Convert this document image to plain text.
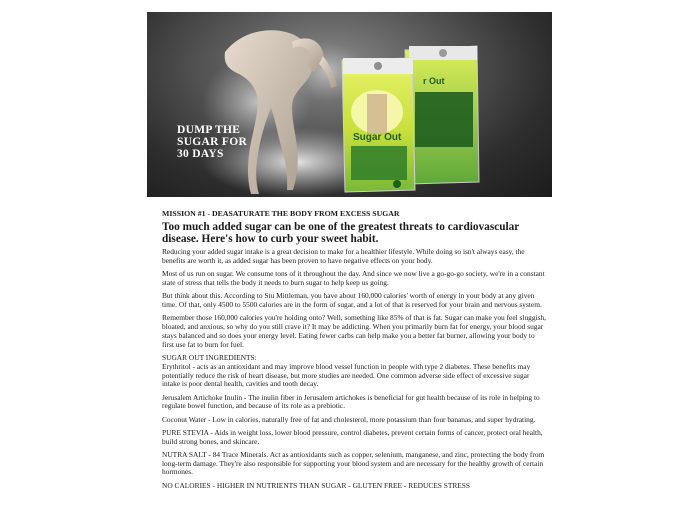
r Out
Sugar Out

DUMP THE
SUGAR FOR
30 DAYS

MISSION #1 - DEASATURATE THE BODY FROM EXCESS SUGAR

Too much added sugar can be one of the greatest threats to cardiovascular disease. Here's how to curb your sweet habit.

Reducing your added sugar intake is a great decision to make for a healthier lifestyle. While doing so isn't always easy, the benefits are worth it, as added sugar has been proven to have negative effects on your body.

Most of us run on sugar. We consume tons of it throughout the day. And since we now live a go-go-go society, we're in a constant state of stress that tells the body it needs to burn sugar to help keep us going.

But think about this. According to Stu Mittleman, you have about 160,000 calories' worth of energy in your body at any given time. Of that, only 4500 to 5500 calories are in the form of sugar, and a lot of that is reserved for your brain and nervous system.

Remember those 160,000 calories you're holding onto? Well, something like 85% of that is fat. Sugar can make you feel sluggish, bloated, and anxious, so why do you still crave it? It may be addicting. When you primarily burn fat for energy, your blood sugar stays balanced and so does your energy level. Eating fewer carbs can help make you a better fat burner, allowing your body to first use fat to burn for fuel.

SUGAR OUT INGREDIENTS:

Erythritol - acts as an antioxidant and may improve blood vessel function in people with type 2 diabetes. These benefits may potentially reduce the risk of heart disease, but more studies are needed. One common adverse side effect of excessive sugar intake is poor dental health, cavities and tooth decay.

Jerusalem Artichoke Inulin - The inulin fiber in Jerusalem artichokes is beneficial for gut health because of its role in helping to regulate bowel function, and because of its role as a prebiotic.

Coconut Water - Low in calories, naturally free of fat and cholesterol, more potassium than four bananas, and super hydrating.

PURE STEVIA - Aids in weight loss, lower blood pressure, control diabetes, prevent certain forms of cancer, protect oral health, build strong bones, and skincare.

NUTRA SALT - 84 Trace Minerals. Act as antioxidants such as copper, selenium, manganese, and zinc, protecting the body from long-term damage. They're also responsible for supporting your blood system and are necessary for the healthy growth of certain hormones.

NO CALORIES - HIGHER IN NUTRIENTS THAN SUGAR - GLUTEN FREE - REDUCES STRESS
